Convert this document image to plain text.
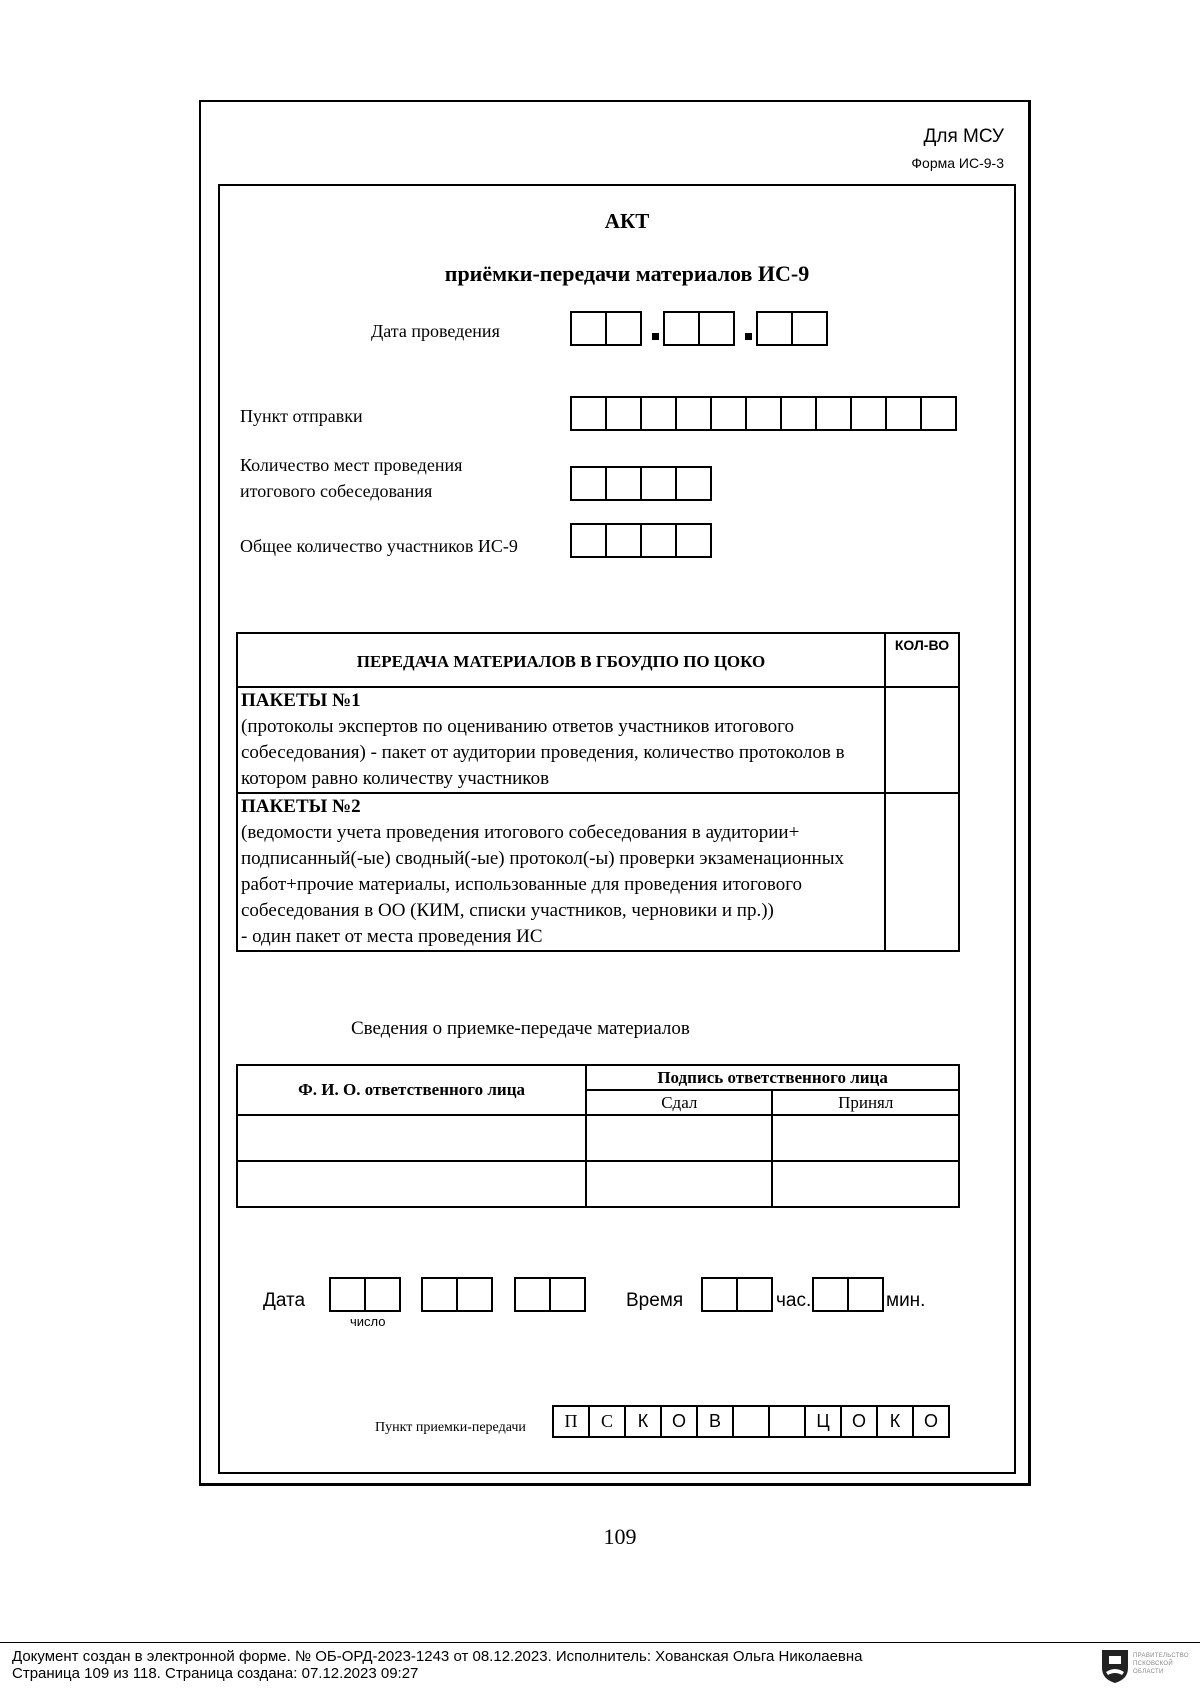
Для МСУ
Форма ИС-9-3
АКТ
приёмки-передачи материалов ИС-9
Дата проведения
Пункт отправки
Количество мест проведения
итогового собеседования
Общее количество участников ИС-9
ПЕРЕДАЧА МАТЕРИАЛОВ В ГБОУДПО ПО ЦОКО	КОЛ-ВО

ПАКЕТЫ №1
(протоколы экспертов по оцениванию ответов участников итогового собеседования) - пакет от аудитории проведения, количество протоколов в котором равно количеству участников	

ПАКЕТЫ №2
(ведомости учета проведения итогового собеседования в аудитории+ подписанный(-ые) сводный(-ые) протокол(-ы) проверки экзаменационных работ+прочие материалы, использованные для проведения итогового собеседования в ОО (КИМ, списки участников, черновики и пр.))
- один пакет от места проведения ИС	

Сведения о приемке-передаче материалов
Ф. И. О. ответственного лица	Подпись ответственного лица	
	Сдал	Принял

Дата
число
Время	час.	мин.
Пункт приемки-передачи	П	С	К	О	В	Ц	О	К	О
109
Документ создан в электронной форме. № ОБ-ОРД-2023-1243 от 08.12.2023. Исполнитель: Хованская Ольга Николаевна
Страница 109 из 118. Страница создана: 07.12.2023 09:27
ПРАВИТЕЛЬСТВО ПСКОВСКОЙ ОБЛАСТИ
